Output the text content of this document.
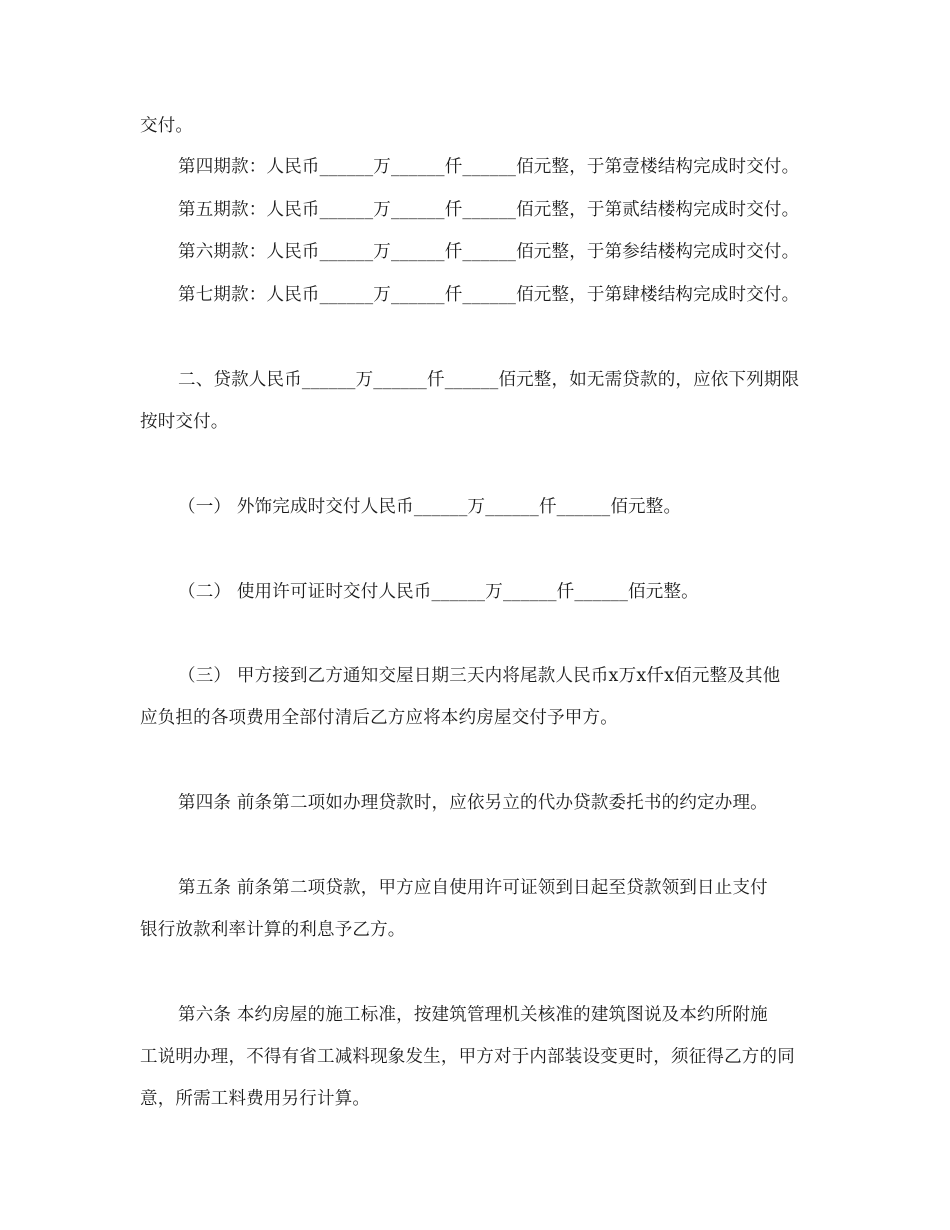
交付。
第四期款：人民币______万______仟______佰元整，于第壹楼结构完成时交付。
第五期款：人民币______万______仟______佰元整，于第贰结楼构完成时交付。
第六期款：人民币______万______仟______佰元整，于第参结楼构完成时交付。
第七期款：人民币______万______仟______佰元整，于第肆楼结构完成时交付。
二、贷款人民币______万______仟______佰元整，如无需贷款的，应依下列期限
按时交付。
（一） 外饰完成时交付人民币______万______仟______佰元整。
（二） 使用许可证时交付人民币______万______仟______佰元整。
（三） 甲方接到乙方通知交屋日期三天内将尾款人民币x万x仟x佰元整及其他
应负担的各项费用全部付清后乙方应将本约房屋交付予甲方。
第四条 前条第二项如办理贷款时，应依另立的代办贷款委托书的约定办理。
第五条 前条第二项贷款，甲方应自使用许可证领到日起至贷款领到日止支付
银行放款利率计算的利息予乙方。
第六条 本约房屋的施工标准，按建筑管理机关核准的建筑图说及本约所附施
工说明办理，不得有省工减料现象发生，甲方对于内部装设变更时，须征得乙方的同
意，所需工料费用另行计算。
